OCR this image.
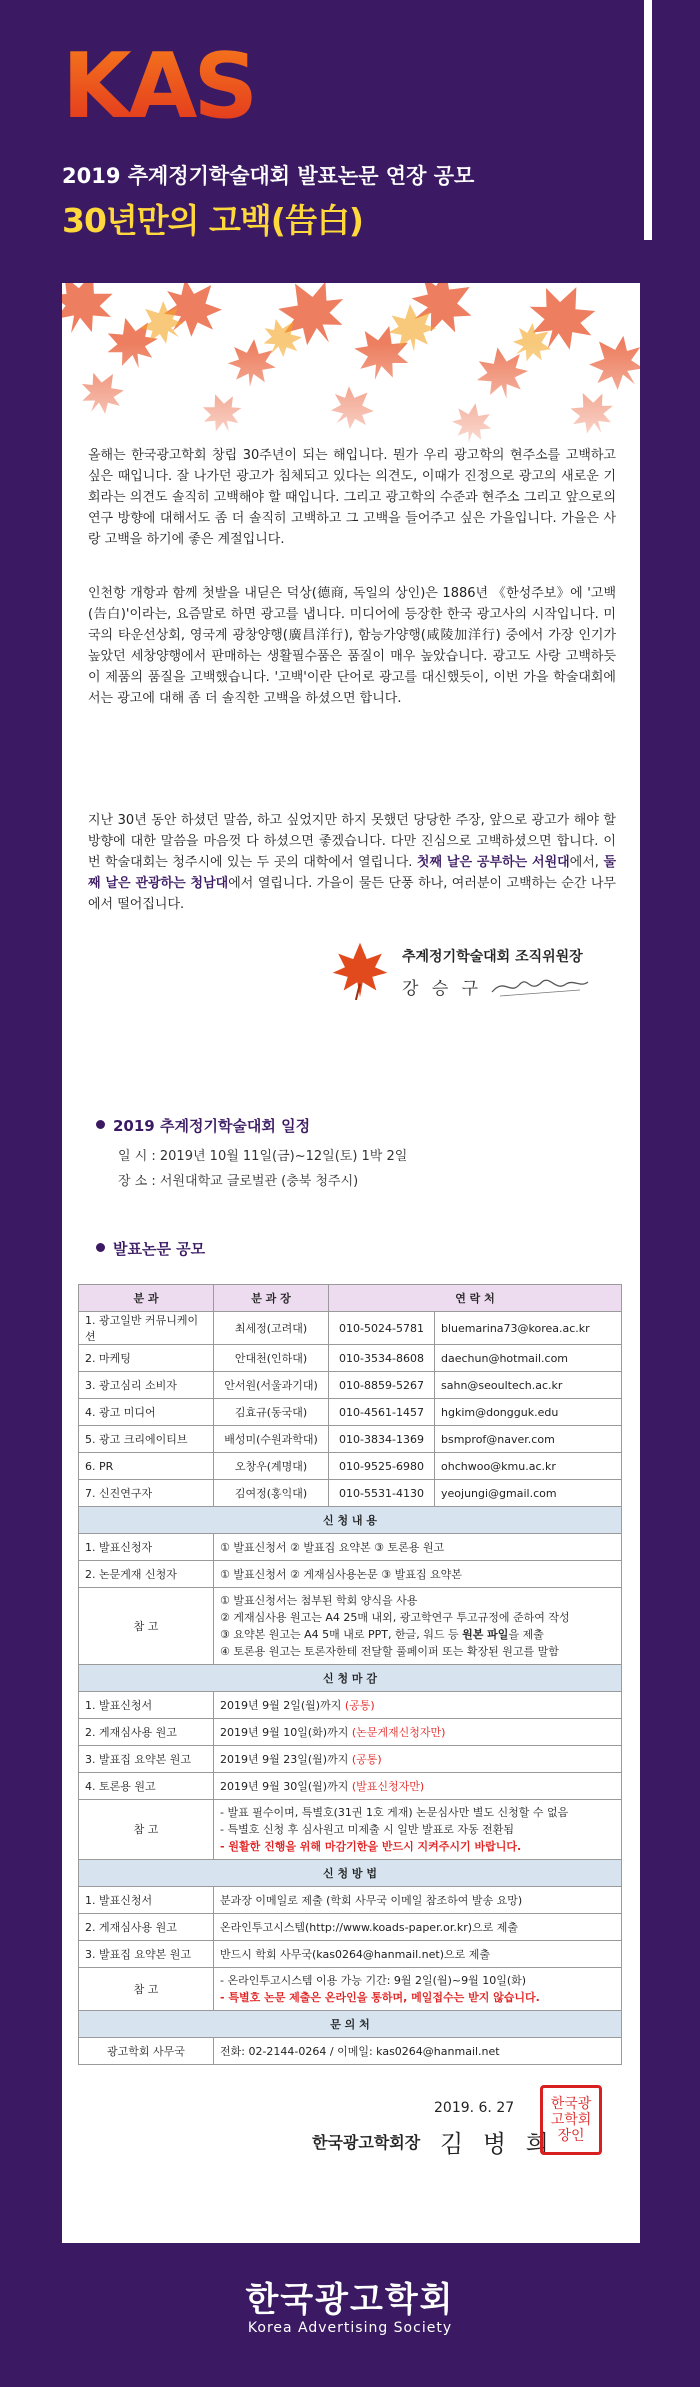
KAS
2019 추계정기학술대회 발표논문 연장 공모
30년만의 고백(告白)

올해는 한국광고학회 창립 30주년이 되는 해입니다. 뭔가 우리 광고학의 현주소를 고백하고 싶은 때입니다. 잘 나가던 광고가 침체되고 있다는 의견도, 이때가 진정으로 광고의 새로운 기회라는 의견도 솔직히 고백해야 할 때입니다. 그리고 광고학의 수준과 현주소 그리고 앞으로의 연구 방향에 대해서도 좀 더 솔직히 고백하고 그 고백을 들어주고 싶은 가을입니다. 가을은 사랑 고백을 하기에 좋은 계절입니다.

인천항 개항과 함께 첫발을 내딛은 덕상(德商, 독일의 상인)은 1886년 《한성주보》에 '고백(告白)'이라는, 요즘말로 하면 광고를 냅니다. 미디어에 등장한 한국 광고사의 시작입니다. 미국의 타운선상회, 영국계 광창양행(廣昌洋行), 함능가양행(咸陵加洋行) 중에서 가장 인기가 높았던 세창양행에서 판매하는 생활필수품은 품질이 매우 높았습니다. 광고도 사랑 고백하듯이 제품의 품질을 고백했습니다. '고백'이란 단어로 광고를 대신했듯이, 이번 가을 학술대회에서는 광고에 대해 좀 더 솔직한 고백을 하셨으면 합니다.

지난 30년 동안 하셨던 말씀, 하고 싶었지만 하지 못했던 당당한 주장, 앞으로 광고가 해야 할 방향에 대한 말씀을 마음껏 다 하셨으면 좋겠습니다. 다만 진심으로 고백하셨으면 합니다. 이번 학술대회는 청주시에 있는 두 곳의 대학에서 열립니다. 첫째 날은 공부하는 서원대에서, 둘째 날은 관광하는 청남대에서 열립니다. 가을이 물든 단풍 하나, 여러분이 고백하는 순간 나무에서 떨어집니다.

추계정기학술대회 조직위원장
강 승 구
2019 추계정기학술대회 일정
일 시 : 2019년 10월 11일(금)~12일(토) 1박 2일
장 소 : 서원대학교 글로벌관 (충북 청주시)
발표논문 공모
분 과	분 과 장	연 락 처	
1. 광고일반 커뮤니케이션	최세정(고려대)	010-5024-5781	bluemarina73@korea.ac.kr
2. 마케팅	안대천(인하대)	010-3534-8608	daechun@hotmail.com
3. 광고심리 소비자	안서원(서울과기대)	010-8859-5267	sahn@seoultech.ac.kr
4. 광고 미디어	김효규(동국대)	010-4561-1457	hgkim@dongguk.edu
5. 광고 크리에이티브	배성미(수원과학대)	010-3834-1369	bsmprof@naver.com
6. PR	오창우(계명대)	010-9525-6980	ohchwoo@kmu.ac.kr
7. 신진연구자	김여정(홍익대)	010-5531-4130	yeojungi@gmail.com
신 청 내 용			
1. 발표신청자	① 발표신청서 ② 발표집 요약본 ③ 토론용 원고		
2. 논문게재 신청자	① 발표신청서 ② 게재심사용논문 ③ 발표집 요약본		
참 고	① 발표신청서는 첨부된 학회 양식을 사용
② 게재심사용 원고는 A4 25매 내외, 광고학연구 투고규정에 준하여 작성
③ 요약본 원고는 A4 5매 내로 PPT, 한글, 워드 등 원본 파일을 제출
④ 토론용 원고는 토론자한테 전달할 풀페이퍼 또는 확장된 원고를 말함		

신 청 마 감			
1. 발표신청서	2019년 9월 2일(월)까지 (공통)		
2. 게재심사용 원고	2019년 9월 10일(화)까지 (논문게재신청자만)		
3. 발표집 요약본 원고	2019년 9월 23일(월)까지 (공통)		
4. 토론용 원고	2019년 9월 30일(월)까지 (발표신청자만)		
참 고	- 발표 필수이며, 특별호(31권 1호 게재) 논문심사만 별도 신청할 수 없음
- 특별호 신청 후 심사원고 미제출 시 일반 발표로 자동 전환됨
- 원활한 진행을 위해 마감기한을 반드시 지켜주시기 바랍니다.		

신 청 방 법			
1. 발표신청서	분과장 이메일로 제출 (학회 사무국 이메일 참조하여 발송 요망)		
2. 게재심사용 원고	온라인투고시스템(http://www.koads-paper.or.kr)으로 제출		
3. 발표집 요약본 원고	반드시 학회 사무국(kas0264@hanmail.net)으로 제출		
참 고	- 온라인투고시스템 이용 가능 기간: 9월 2일(월)~9월 10일(화)
- 특별호 논문 제출은 온라인을 통하며, 메일접수는 받지 않습니다.		

문 의 처			
광고학회 사무국	전화: 02-2144-0264 / 이메일: kas0264@hanmail.net		
2019. 6. 27
한국광고학회장 김 병 희
한국광고학회장인
한국광고학회
Korea Advertising Society
